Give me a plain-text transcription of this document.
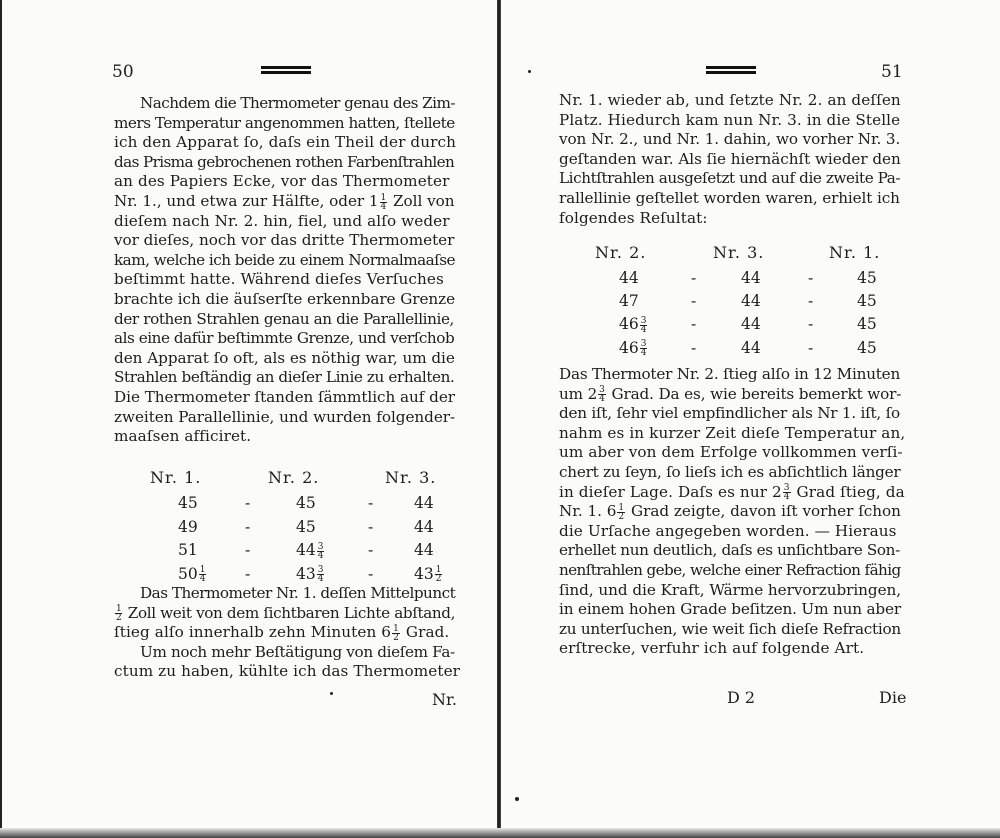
50
Nachdem die Thermometer genau des Zim-
mers Temperatur angenommen hatten, ſtellete
ich den Apparat ſo, daſs ein Theil der durch
das Prisma gebrochenen rothen Farbenſtrahlen
an des Papiers Ecke, vor das Thermometer
Nr. 1., und etwa zur Hälfte, oder $1 \frac{1}{4}$ Zoll von
dieſem nach Nr. 2. hin, fiel, und alſo weder
vor dieſes, noch vor das dritte Thermometer
kam, welche ich beide zu einem Normalmaaſse
beſtimmt hatte. Während dieſes Verſuches
brachte ich die äuſserſte erkennbare Grenze
der rothen Strahlen genau an die Parallellinie,
als eine dafür beſtimmte Grenze, und verſchob
den Apparat ſo oft, als es nöthig war, um die
Strahlen beſtändig an dieſer Linie zu erhalten.
Die Thermometer ſtanden ſämmtlich auf der
zweiten Parallellinie, und wurden folgender-
maaſsen afficiret.
Nr. 1.	Nr. 2.	Nr. 3.
45	-	45	-	44
49	-	45	-	44
51	-	$44 \frac{3}{4}$	-	44
$50 \frac{1}{4}$ -	$43 \frac{3}{4}$	-	$43 \frac{1}{2}$
Das Thermometer Nr. 1. deſſen Mittelpunct
$\frac{1}{2}$ Zoll weit von dem ſichtbaren Lichte abſtand,
ſtieg alſo innerhalb zehn Minuten $6 \frac{1}{2}$ Grad.
Um noch mehr Beſtätigung von dieſem Fa-
ctum zu haben, kühlte ich das Thermometer
Nr.
51
Nr. 1. wieder ab, und ſetzte Nr. 2. an deſſen
Platz. Hiedurch kam nun Nr. 3. in die Stelle
von Nr. 2., und Nr. 1. dahin, wo vorher Nr. 3.
geſtanden war. Als ſie hiernächſt wieder den
Lichtſtrahlen ausgeſetzt und auf die zweite Pa-
rallellinie geſtellet worden waren, erhielt ich
folgendes Reſultat:
Nr. 2.	Nr. 3.	Nr. 1.
44	-	44	-	45
47	-	44	-	45
$46 \frac{3}{4}$	-	44	-	45
$46 \frac{3}{4}$	-	44	-	45
Das Thermoter Nr. 2. ſtieg alſo in 12 Minuten
um $2 \frac{3}{4}$ Grad. Da es, wie bereits bemerkt wor-
den iſt, ſehr viel empfindlicher als Nr 1. iſt, ſo
nahm es in kurzer Zeit dieſe Temperatur an,
um aber von dem Erfolge vollkommen verſi-
chert zu ſeyn, ſo lieſs ich es abſichtlich länger
in dieſer Lage. Daſs es nur $2 \frac{3}{4}$ Grad ſtieg, da
Nr. 1. $6 \frac{1}{2}$ Grad zeigte, davon iſt vorher ſchon
die Urſache angegeben worden. — Hieraus
erhellet nun deutlich, daſs es unſichtbare Son-
nenſtrahlen gebe, welche einer Refraction fähig
ſind, und die Kraft, Wärme hervorzubringen,
in einem hohen Grade beſitzen. Um nun aber
zu unterſuchen, wie weit ſich dieſe Refraction
erſtrecke, verfuhr ich auf folgende Art.
D 2	Die
